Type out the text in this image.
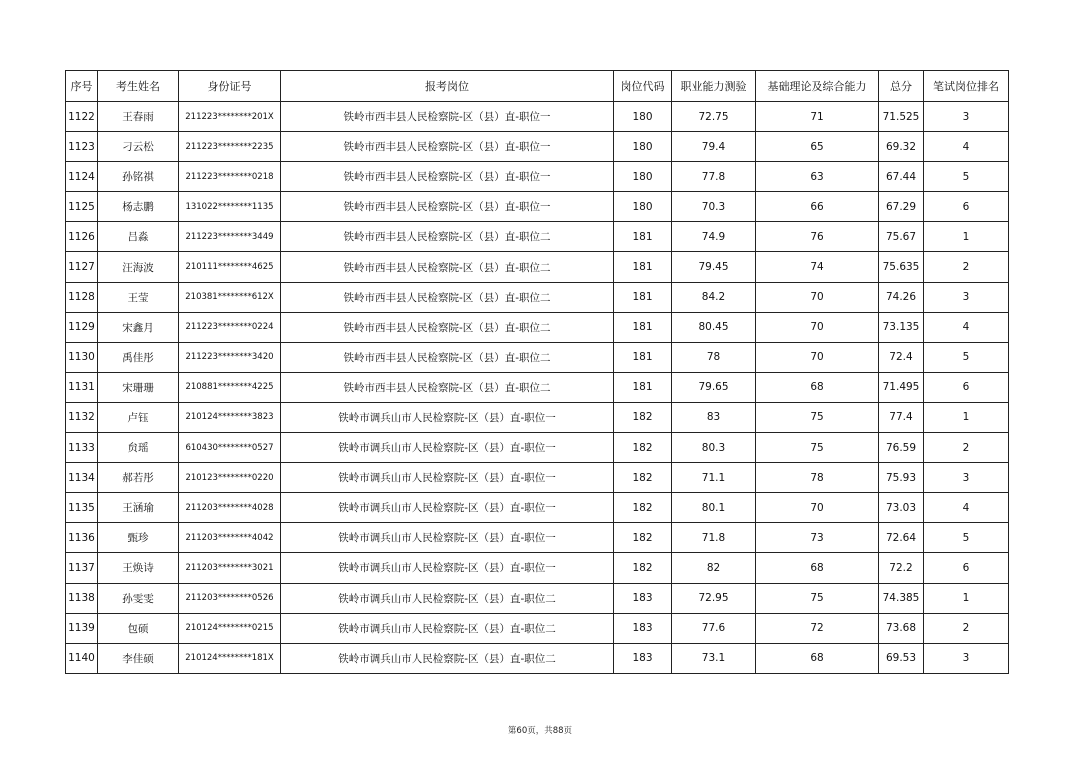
序号	考生姓名	身份证号	报考岗位	岗位代码	职业能力测验	基础理论及综合能力	总分	笔试岗位排名
1122	王春雨	211223********201X	铁岭市西丰县人民检察院-区（县）直-职位一	180	72.75	71	71.525	3
1123	刁云松	211223********2235	铁岭市西丰县人民检察院-区（县）直-职位一	180	79.4	65	69.32	4
1124	孙铭祺	211223********0218	铁岭市西丰县人民检察院-区（县）直-职位一	180	77.8	63	67.44	5
1125	杨志鹏	131022********1135	铁岭市西丰县人民检察院-区（县）直-职位一	180	70.3	66	67.29	6
1126	吕淼	211223********3449	铁岭市西丰县人民检察院-区（县）直-职位二	181	74.9	76	75.67	1
1127	汪海波	210111********4625	铁岭市西丰县人民检察院-区（县）直-职位二	181	79.45	74	75.635	2
1128	王莹	210381********612X	铁岭市西丰县人民检察院-区（县）直-职位二	181	84.2	70	74.26	3
1129	宋鑫月	211223********0224	铁岭市西丰县人民检察院-区（县）直-职位二	181	80.45	70	73.135	4
1130	禹佳彤	211223********3420	铁岭市西丰县人民检察院-区（县）直-职位二	181	78	70	72.4	5
1131	宋珊珊	210881********4225	铁岭市西丰县人民检察院-区（县）直-职位二	181	79.65	68	71.495	6
1132	卢钰	210124********3823	铁岭市调兵山市人民检察院-区（县）直-职位一	182	83	75	77.4	1
1133	贠瑶	610430********0527	铁岭市调兵山市人民检察院-区（县）直-职位一	182	80.3	75	76.59	2
1134	郝若彤	210123********0220	铁岭市调兵山市人民检察院-区（县）直-职位一	182	71.1	78	75.93	3
1135	王涵瑜	211203********4028	铁岭市调兵山市人民检察院-区（县）直-职位一	182	80.1	70	73.03	4
1136	甄珍	211203********4042	铁岭市调兵山市人民检察院-区（县）直-职位一	182	71.8	73	72.64	5
1137	王焕诗	211203********3021	铁岭市调兵山市人民检察院-区（县）直-职位一	182	82	68	72.2	6
1138	孙雯雯	211203********0526	铁岭市调兵山市人民检察院-区（县）直-职位二	183	72.95	75	74.385	1
1139	包硕	210124********0215	铁岭市调兵山市人民检察院-区（县）直-职位二	183	77.6	72	73.68	2
1140	李佳硕	210124********181X	铁岭市调兵山市人民检察院-区（县）直-职位二	183	73.1	68	69.53	3
第60页，共88页
